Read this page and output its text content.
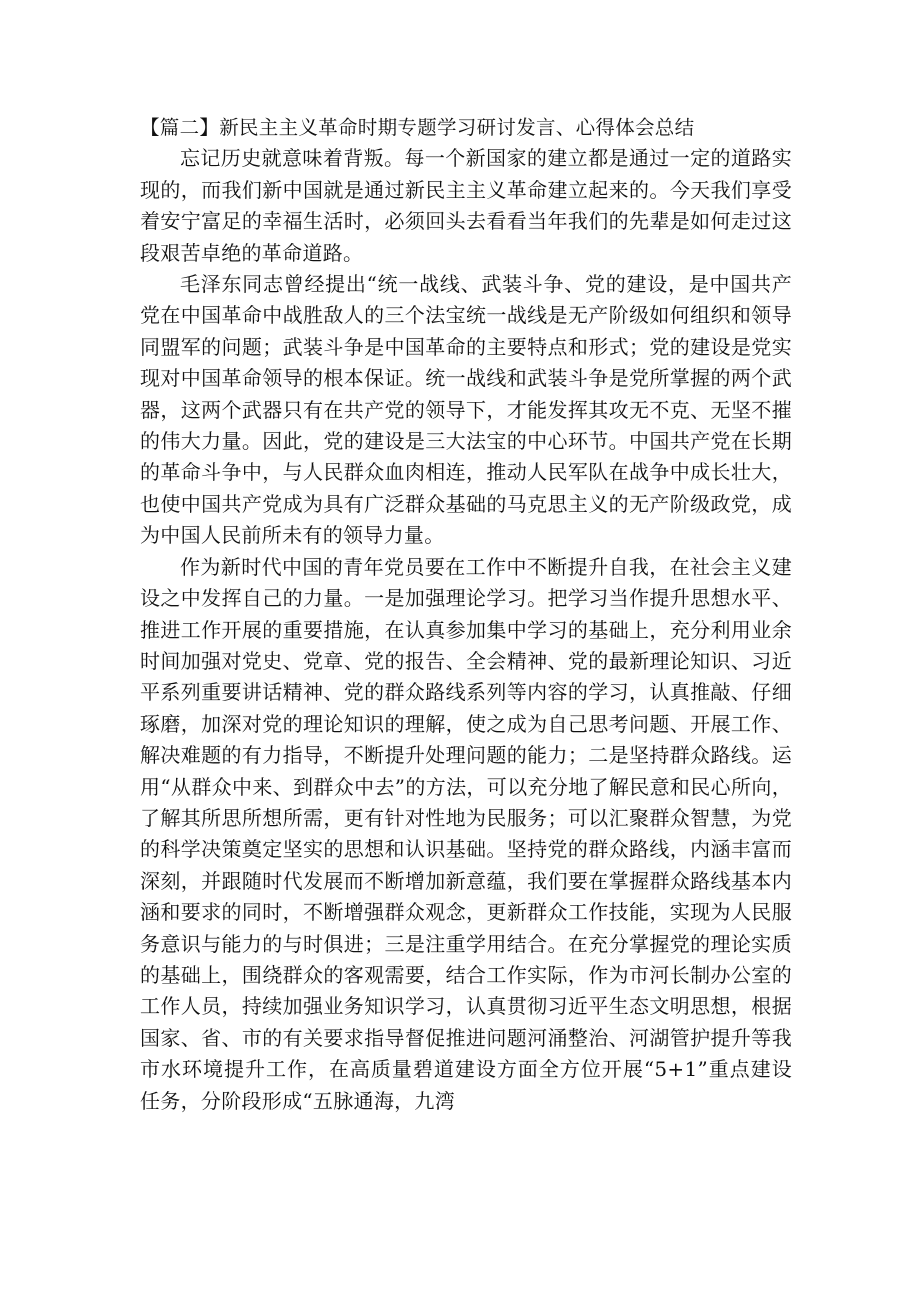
【篇二】新民主主义革命时期专题学习研讨发言、心得体会总结

忘记历史就意味着背叛。每一个新国家的建立都是通过一定的道路实现的，而我们新中国就是通过新民主主义革命建立起来的。今天我们享受着安宁富足的幸福生活时，必须回头去看看当年我们的先辈是如何走过这段艰苦卓绝的革命道路。

毛泽东同志曾经提出“统一战线、武装斗争、党的建设，是中国共产党在中国革命中战胜敌人的三个法宝统一战线是无产阶级如何组织和领导同盟军的问题；武装斗争是中国革命的主要特点和形式；党的建设是党实现对中国革命领导的根本保证。统一战线和武装斗争是党所掌握的两个武器，这两个武器只有在共产党的领导下，才能发挥其攻无不克、无坚不摧的伟大力量。因此，党的建设是三大法宝的中心环节。中国共产党在长期的革命斗争中，与人民群众血肉相连，推动人民军队在战争中成长壮大，也使中国共产党成为具有广泛群众基础的马克思主义的无产阶级政党，成为中国人民前所未有的领导力量。

作为新时代中国的青年党员要在工作中不断提升自我，在社会主义建设之中发挥自己的力量。一是加强理论学习。把学习当作提升思想水平、推进工作开展的重要措施，在认真参加集中学习的基础上，充分利用业余时间加强对党史、党章、党的报告、全会精神、党的最新理论知识、习近平系列重要讲话精神、党的群众路线系列等内容的学习，认真推敲、仔细琢磨，加深对党的理论知识的理解，使之成为自己思考问题、开展工作、解决难题的有力指导，不断提升处理问题的能力；二是坚持群众路线。运用“从群众中来、到群众中去”的方法，可以充分地了解民意和民心所向，了解其所思所想所需，更有针对性地为民服务；可以汇聚群众智慧，为党的科学决策奠定坚实的思想和认识基础。坚持党的群众路线，内涵丰富而深刻，并跟随时代发展而不断增加新意蕴，我们要在掌握群众路线基本内涵和要求的同时，不断增强群众观念，更新群众工作技能，实现为人民服务意识与能力的与时俱进；三是注重学用结合。在充分掌握党的理论实质的基础上，围绕群众的客观需要，结合工作实际，作为市河长制办公室的工作人员，持续加强业务知识学习，认真贯彻习近平生态文明思想，根据国家、省、市的有关要求指导督促推进问题河涌整治、河湖管护提升等我市水环境提升工作，在高质量碧道建设方面全方位开展“5+1”重点建设任务，分阶段形成“五脉通海，九湾
